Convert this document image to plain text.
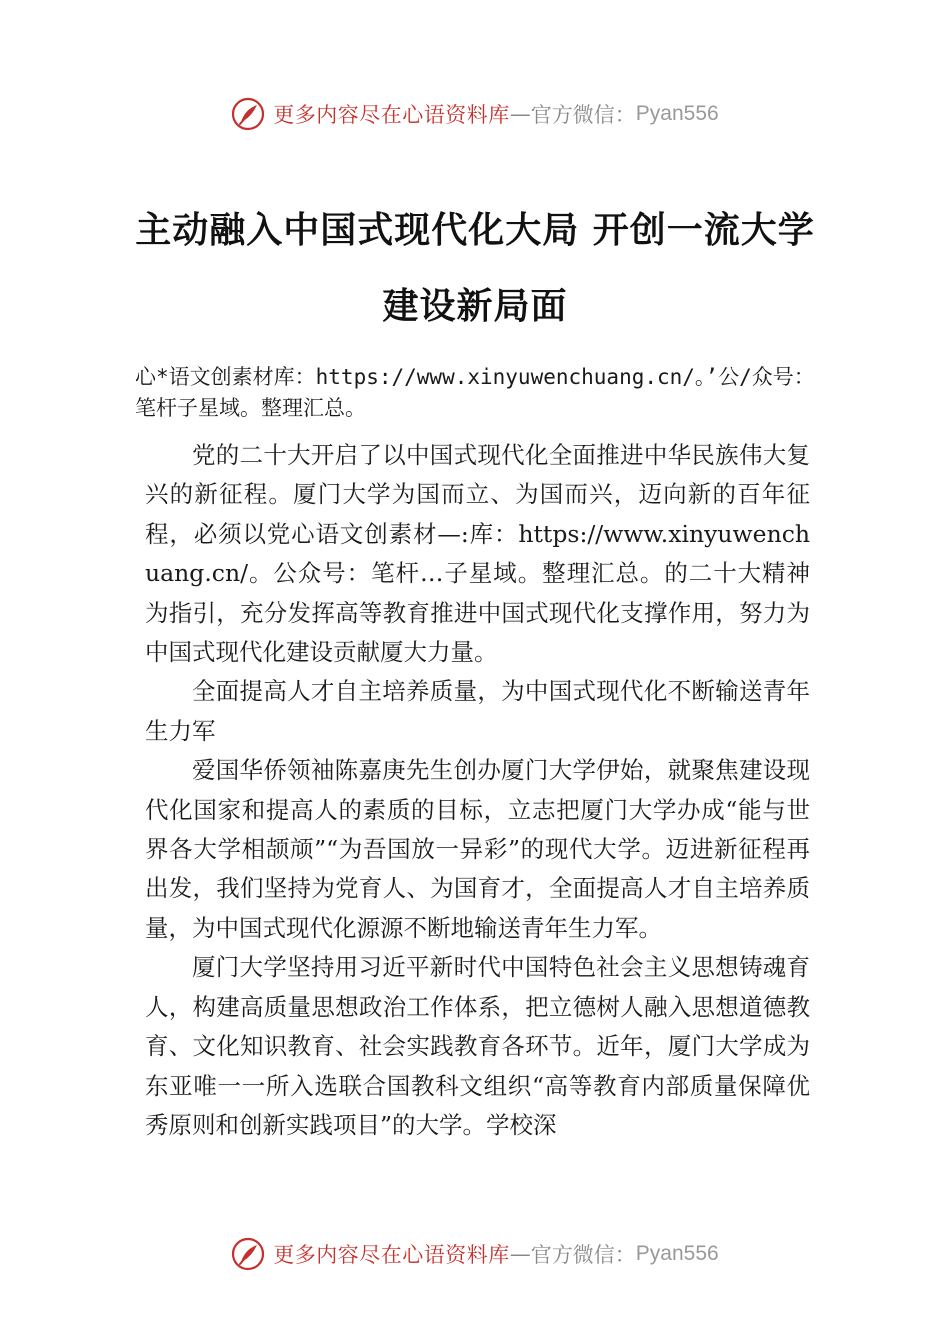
更多内容尽在心语资料库 — 官方微信： Pyan556
主动融入中国式现代化大局 开创一流大学
建设新局面
心*语文创素材库：https://www.xinyuwenchuang.cn/。’公/众号：笔杆子星域。整理汇总。

党的二十大开启了以中国式现代化全面推进中华民族伟大复兴的新征程。厦门大学为国而立、为国而兴，迈向新的百年征程，必须以党心语文创素材—:库：https://www.xinyuwenchuang.cn/。公众号：笔杆…子星域。整理汇总。的二十大精神为指引，充分发挥高等教育推进中国式现代化支撑作用，努力为中国式现代化建设贡献厦大力量。

全面提高人才自主培养质量，为中国式现代化不断输送青年生力军

爱国华侨领袖陈嘉庚先生创办厦门大学伊始，就聚焦建设现代化国家和提高人的素质的目标，立志把厦门大学办成“能与世界各大学相颉颃”“为吾国放一异彩”的现代大学。迈进新征程再出发，我们坚持为党育人、为国育才，全面提高人才自主培养质量，为中国式现代化源源不断地输送青年生力军。

厦门大学坚持用习近平新时代中国特色社会主义思想铸魂育人，构建高质量思想政治工作体系，把立德树人融入思想道德教育、文化知识教育、社会实践教育各环节。近年，厦门大学成为东亚唯一一所入选联合国教科文组织“高等教育内部质量保障优秀原则和创新实践项目”的大学。学校深

更多内容尽在心语资料库 — 官方微信： Pyan556
